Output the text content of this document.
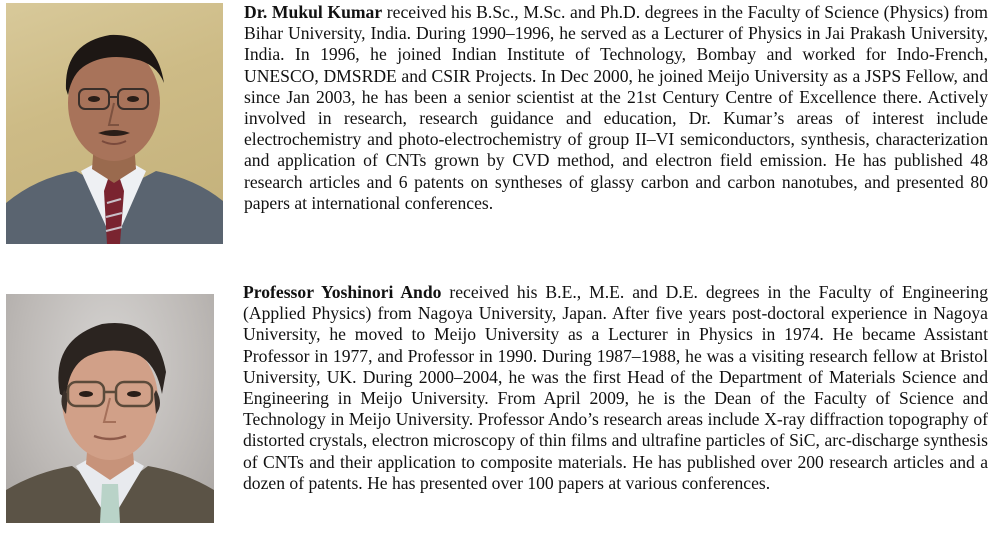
Dr. Mukul Kumar received his B.Sc., M.Sc. and Ph.D. degrees in the Faculty of Science (Physics) from Bihar University, India. During 1990–1996, he served as a Lecturer of Physics in Jai Prakash University, India. In 1996, he joined Indian Institute of Technology, Bombay and worked for Indo-French, UNESCO, DMSRDE and CSIR Projects. In Dec 2000, he joined Meijo University as a JSPS Fellow, and since Jan 2003, he has been a senior scientist at the 21st Century Centre of Excellence there. Actively involved in research, research guidance and education, Dr. Kumar’s areas of interest include electrochemistry and photo-electrochemistry of group II–VI semiconductors, synthesis, characterization and application of CNTs grown by CVD method, and electron field emission. He has published 48 research articles and 6 patents on syntheses of glassy carbon and carbon nanotubes, and presented 80 papers at international conferences.
Professor Yoshinori Ando received his B.E., M.E. and D.E. degrees in the Faculty of Engineering (Applied Physics) from Nagoya University, Japan. After five years post-doctoral experience in Nagoya University, he moved to Meijo University as a Lecturer in Physics in 1974. He became Assistant Professor in 1977, and Professor in 1990. During 1987–1988, he was a visiting research fellow at Bristol University, UK. During 2000–2004, he was the first Head of the Department of Materials Science and Engineering in Meijo University. From April 2009, he is the Dean of the Faculty of Science and Technology in Meijo University. Professor Ando’s research areas include X-ray diffraction topography of distorted crystals, electron microscopy of thin films and ultrafine particles of SiC, arc-discharge synthesis of CNTs and their application to composite materials. He has published over 200 research articles and a dozen of patents. He has presented over 100 papers at various conferences.
